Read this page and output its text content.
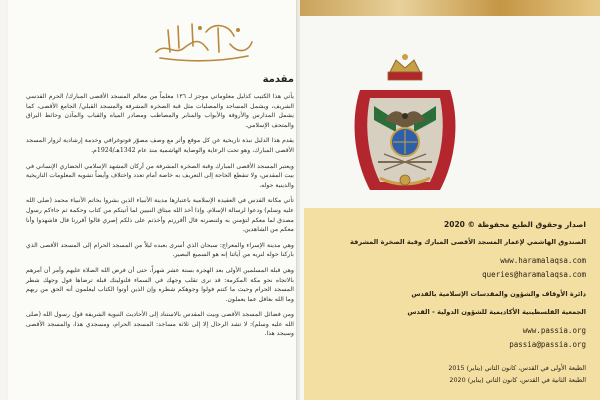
مقدمة

يأتي هذا الكتيب كدليل معلوماتي موجز لـ ١٣٦ معلماً من معالم المسجد الأقصى المبارك/ الحرم القدسي الشريف، ويشمل المساجد والمصليات مثل قبة الصخرة المشرفة والمسجد القبلي/ الجامع الأقصى، كما يشمل المدارس والأروقة والأبواب والمنابر والمصاطب ومصادر المياه والقباب والمآذن وحائط البراق والمتحف الإسلامي.

يقدم هذا الدليل نبذة تاريخية عن كل موقع وأثر مع وصف مصوّر فوتوغرافي وخدمة إرشادية لزوار المسجد الأقصى المبارك، وهو تحت الرعاية والوصاية الهاشمية منذ عام 1342هـ/1924م.

ويعتبر المسجد الأقصى المبارك وقبة الصخرة المشرفة من أركان المشهد الإسلامي الحضاري الإنساني في بيت المقدس، ولا تنقطع الحاجة إلى التعريف به خاصة أمام تعدد واختلاف وأيضاً تشويه المعلومات التاريخية والدينية حوله.

تأتي مكانة القدس في العقيدة الإسلامية باعتبارها مدينة الأنبياء الذين بشروا بخاتم الأنبياء محمد (صلى الله عليه وسلم) ودعوا لرسالة الإسلام. وإذا أخذ الله ميثاق النبيين لما آتيتكم من كتاب وحكمة ثم جاءكم رسول مصدق لما معكم لتؤمنن به ولتنصرنه قال أأقررتم وأخذتم على ذلكم إصري قالوا أقررنا قال فاشهدوا وأنا معكم من الشاهدين.

وهي مدينة الإسراء والمعراج: سبحان الذي أسرى بعبده ليلاً من المسجد الحرام إلى المسجد الأقصى الذي باركنا حوله لنريه من آياتنا إنه هو السميع البصير.

وهي قبلة المسلمين الأولى بعد الهجرة بستة عشر شهراً، حتى أن فرض الله الصلاة عليهم وأمر أن أمرهم بالاتجاه نحو مكة المكرمة: قد نرى تقلب وجهك في السماء فلنولينك قبلة ترضاها فول وجهك شطر المسجد الحرام وحيث ما كنتم فولوا وجوهكم شطره وإن الذين أوتوا الكتاب ليعلمون أنه الحق من ربهم وما الله بغافل عما يعملون.

ومن فضائل المسجد الأقصى وبيت المقدس بالاستناد إلى الأحاديث النبوية الشريفة قول رسول الله (صلى الله عليه وسلم): لا تشد الرحال إلا إلى ثلاثة مساجد: المسجد الحرام، ومسجدي هذا، والمسجد الأقصى وسيجد هذا.

اصدار وحقوق الطبع محفوظة © 2020
الصندوق الهاشمي لإعمار المسجد الأقصى المبارك وقبة الصخرة المشرفة
www.haramalaqsa.com
queries@haramalaqsa.com
دائرة الأوقاف والشؤون والمقدسات الإسلامية بالقدس
الجمعية الفلسطينية الأكاديمية للشؤون الدولية - القدس
www.passia.org
passia@passia.org
الطبعة الأولى في القدس، كانون الثاني (يناير) 2015
الطبعة الثانية في القدس، كانون الثاني (يناير) 2020
